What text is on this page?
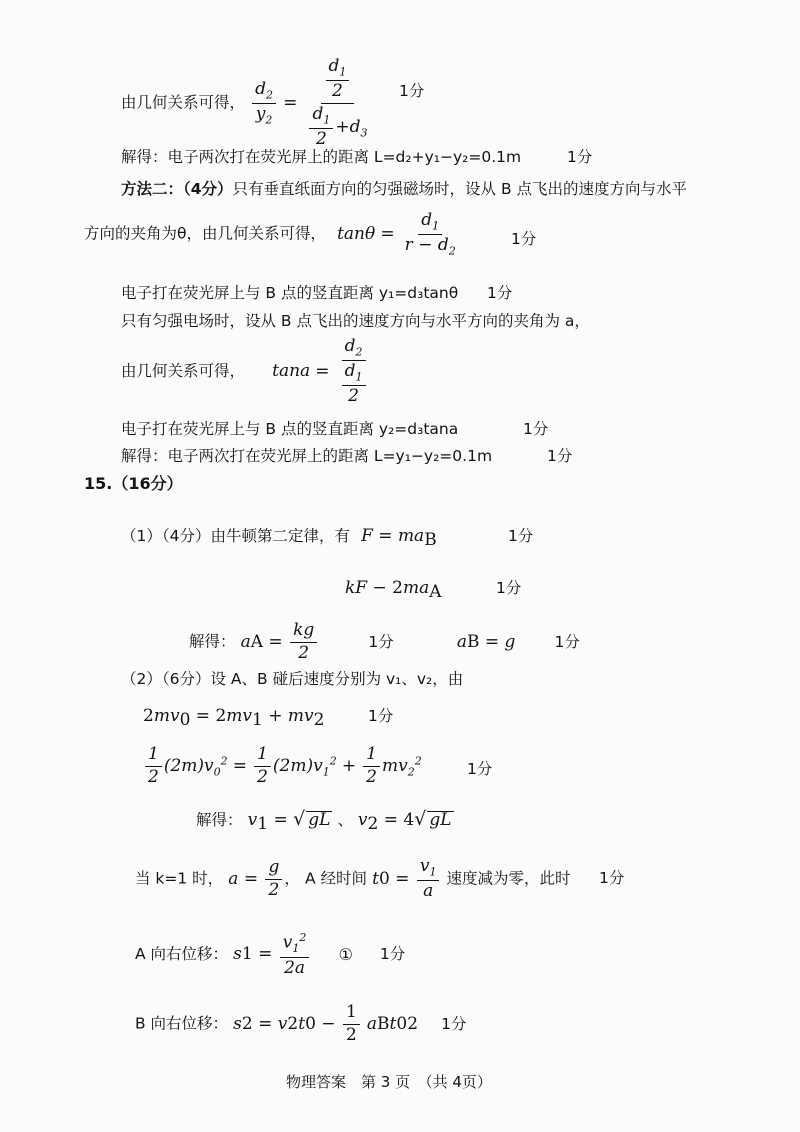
由几何关系可得， $\frac{d_2}{y_2} = \frac{\frac{d_1}{2}}{\frac{d_1}{2} +d_3} 1$分
解得：电子两次打在荧光屏上的距离 L=d₂+y₁−y₂=0.1m	1分
方法二：（4分）只有垂直纸面方向的匀强磁场时，设从 B 点飞出的速度方向与水平
方向的夹角为θ，由几何关系可得， $\tan\theta = \frac{d_1}{r - d_2}$	1分
电子打在荧光屏上与 B 点的竖直距离 y₁=d₃tanθ 1分
只有匀强电场时，设从 B 点飞出的速度方向与水平方向的夹角为 a，
由几何关系可得， $\tan a = \frac{d_2}{\frac{d_1}{2}}$
电子打在荧光屏上与 B 点的竖直距离 y₂=d₃tana	1分
解得：电子两次打在荧光屏上的距离 L=y₁−y₂=0.1m	1分
15.（16分）
（1）（4分）由牛顿第二定律，有 $F = ma_B$	1分
kF − $2ma_A$	1分
解得： aA = $\frac{kg}{2}$	1分	aB = g	1分
（2）（6分）设 A、B 碰后速度分别为 v₁、v₂，由
$2mv_0 = 2mv_1 + mv_2$	1分
$\frac{1}{2} (2m)v_0^2 = \frac{1}{2} (2m)v_1^2 + \frac{1}{2} mv_2^2$	1分
解得： $v_1$ = √ gL 、 $v_2 = 4√$ gL
当 k=1 时， $a = \frac{g}{2}$ ， A 经时间 $t0 = \frac{v_1}{a}$ 速度减为零，此时 1分
A 向右位移： $s1 = \frac{v_1^2}{2a}$ ① 1分
B 向右位移： $s2 = v2t0 - \frac{1}{2} aBt02$ 1分
物理答案　第 3 页　（共 4页）
